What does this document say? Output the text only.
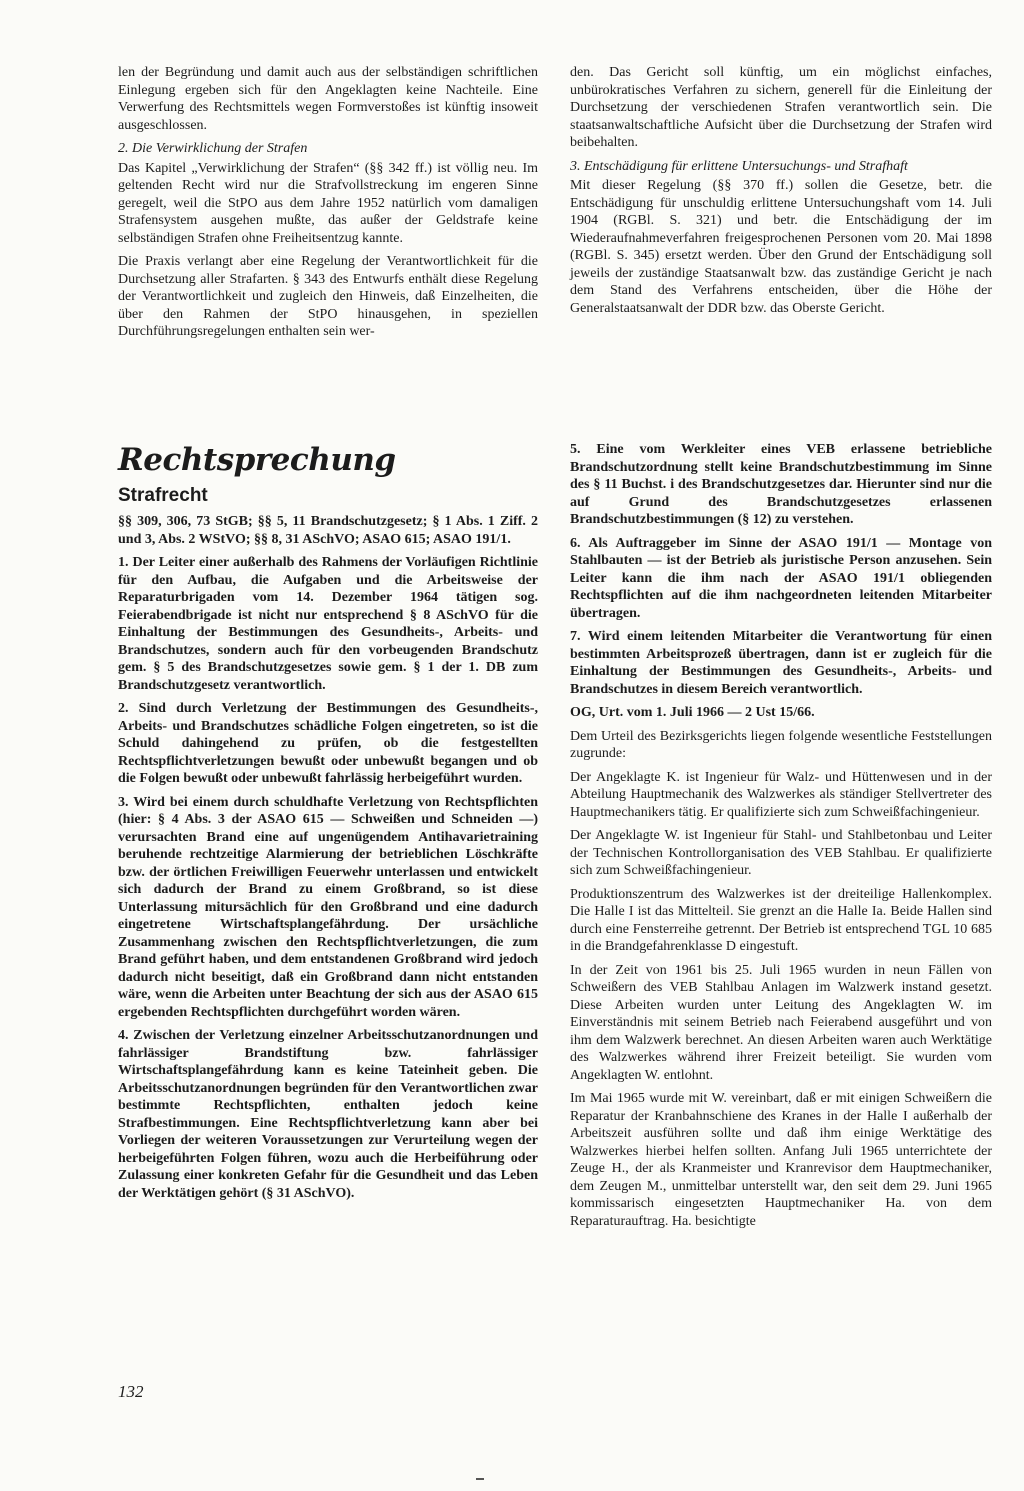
len der Begründung und damit auch aus der selbständigen schriftlichen Einlegung ergeben sich für den Angeklagten keine Nachteile. Eine Verwerfung des Rechtsmittels wegen Formverstoßes ist künftig insoweit ausgeschlossen.

2. Die Verwirklichung der Strafen

Das Kapitel „Verwirklichung der Strafen“ (§§ 342 ff.) ist völlig neu. Im geltenden Recht wird nur die Strafvollstreckung im engeren Sinne geregelt, weil die StPO aus dem Jahre 1952 natürlich vom damaligen Strafensystem ausgehen mußte, das außer der Geldstrafe keine selbständigen Strafen ohne Freiheitsentzug kannte.

Die Praxis verlangt aber eine Regelung der Verantwortlichkeit für die Durchsetzung aller Strafarten. § 343 des Entwurfs enthält diese Regelung der Verantwortlichkeit und zugleich den Hinweis, daß Einzelheiten, die über den Rahmen der StPO hinausgehen, in speziellen Durchführungsregelungen enthalten sein wer-

den. Das Gericht soll künftig, um ein möglichst einfaches, unbürokratisches Verfahren zu sichern, generell für die Einleitung der Durchsetzung der verschiedenen Strafen verantwortlich sein. Die staatsanwaltschaftliche Aufsicht über die Durchsetzung der Strafen wird beibehalten.

3. Entschädigung für erlittene Untersuchungs- und Strafhaft

Mit dieser Regelung (§§ 370 ff.) sollen die Gesetze, betr. die Entschädigung für unschuldig erlittene Untersuchungshaft vom 14. Juli 1904 (RGBl. S. 321) und betr. die Entschädigung der im Wiederaufnahmeverfahren freigesprochenen Personen vom 20. Mai 1898 (RGBl. S. 345) ersetzt werden. Über den Grund der Entschädigung soll jeweils der zuständige Staatsanwalt bzw. das zuständige Gericht je nach dem Stand des Verfahrens entscheiden, über die Höhe der Generalstaatsanwalt der DDR bzw. das Oberste Gericht.

Rechtsprechung
Strafrecht

§§ 309, 306, 73 StGB; §§ 5, 11 Brandschutzgesetz; § 1 Abs. 1 Ziff. 2 und 3, Abs. 2 WStVO; §§ 8, 31 ASchVO; ASAO 615; ASAO 191/1.

1. Der Leiter einer außerhalb des Rahmens der Vorläufigen Richtlinie für den Aufbau, die Aufgaben und die Arbeitsweise der Reparaturbrigaden vom 14. Dezember 1964 tätigen sog. Feierabendbrigade ist nicht nur entsprechend § 8 ASchVO für die Einhaltung der Bestimmungen des Gesundheits-, Arbeits- und Brandschutzes, sondern auch für den vorbeugenden Brandschutz gem. § 5 des Brandschutzgesetzes sowie gem. § 1 der 1. DB zum Brandschutzgesetz verantwortlich.

2. Sind durch Verletzung der Bestimmungen des Gesundheits-, Arbeits- und Brandschutzes schädliche Folgen eingetreten, so ist die Schuld dahingehend zu prüfen, ob die festgestellten Rechtspflichtverletzungen bewußt oder unbewußt begangen und ob die Folgen bewußt oder unbewußt fahrlässig herbeigeführt wurden.

3. Wird bei einem durch schuldhafte Verletzung von Rechtspflichten (hier: § 4 Abs. 3 der ASAO 615 — Schweißen und Schneiden —) verursachten Brand eine auf ungenügendem Antihavarietraining beruhende rechtzeitige Alarmierung der betrieblichen Löschkräfte bzw. der örtlichen Freiwilligen Feuerwehr unterlassen und entwickelt sich dadurch der Brand zu einem Großbrand, so ist diese Unterlassung mitursächlich für den Großbrand und eine dadurch eingetretene Wirtschaftsplangefährdung. Der ursächliche Zusammenhang zwischen den Rechtspflichtverletzungen, die zum Brand geführt haben, und dem entstandenen Großbrand wird jedoch dadurch nicht beseitigt, daß ein Großbrand dann nicht entstanden wäre, wenn die Arbeiten unter Beachtung der sich aus der ASAO 615 ergebenden Rechtspflichten durchgeführt worden wären.

4. Zwischen der Verletzung einzelner Arbeitsschutzanordnungen und fahrlässiger Brandstiftung bzw. fahrlässiger Wirtschaftsplangefährdung kann es keine Tateinheit geben. Die Arbeitsschutzanordnungen begründen für den Verantwortlichen zwar bestimmte Rechtspflichten, enthalten jedoch keine Strafbestimmungen. Eine Rechtspflichtverletzung kann aber bei Vorliegen der weiteren Voraussetzungen zur Verurteilung wegen der herbeigeführten Folgen führen, wozu auch die Herbeiführung oder Zulassung einer konkreten Gefahr für die Gesundheit und das Leben der Werktätigen gehört (§ 31 ASchVO).

5. Eine vom Werkleiter eines VEB erlassene betriebliche Brandschutzordnung stellt keine Brandschutzbestimmung im Sinne des § 11 Buchst. i des Brandschutzgesetzes dar. Hierunter sind nur die auf Grund des Brandschutzgesetzes erlassenen Brandschutzbestimmungen (§ 12) zu verstehen.

6. Als Auftraggeber im Sinne der ASAO 191/1 — Montage von Stahlbauten — ist der Betrieb als juristische Person anzusehen. Sein Leiter kann die ihm nach der ASAO 191/1 obliegenden Rechtspflichten auf die ihm nachgeordneten leitenden Mitarbeiter übertragen.

7. Wird einem leitenden Mitarbeiter die Verantwortung für einen bestimmten Arbeitsprozeß übertragen, dann ist er zugleich für die Einhaltung der Bestimmungen des Gesundheits-, Arbeits- und Brandschutzes in diesem Bereich verantwortlich.

OG, Urt. vom 1. Juli 1966 — 2 Ust 15/66.

Dem Urteil des Bezirksgerichts liegen folgende wesentliche Feststellungen zugrunde:

Der Angeklagte K. ist Ingenieur für Walz- und Hüttenwesen und in der Abteilung Hauptmechanik des Walzwerkes als ständiger Stellvertreter des Hauptmechanikers tätig. Er qualifizierte sich zum Schweißfachingenieur.

Der Angeklagte W. ist Ingenieur für Stahl- und Stahlbetonbau und Leiter der Technischen Kontrollorganisation des VEB Stahlbau. Er qualifizierte sich zum Schweißfachingenieur.

Produktionszentrum des Walzwerkes ist der dreiteilige Hallenkomplex. Die Halle I ist das Mittelteil. Sie grenzt an die Halle Ia. Beide Hallen sind durch eine Fensterreihe getrennt. Der Betrieb ist entsprechend TGL 10 685 in die Brandgefahrenklasse D eingestuft.

In der Zeit von 1961 bis 25. Juli 1965 wurden in neun Fällen von Schweißern des VEB Stahlbau Anlagen im Walzwerk instand gesetzt. Diese Arbeiten wurden unter Leitung des Angeklagten W. im Einverständnis mit seinem Betrieb nach Feierabend ausgeführt und von ihm dem Walzwerk berechnet. An diesen Arbeiten waren auch Werktätige des Walzwerkes während ihrer Freizeit beteiligt. Sie wurden vom Angeklagten W. entlohnt.

Im Mai 1965 wurde mit W. vereinbart, daß er mit einigen Schweißern die Reparatur der Kranbahnschiene des Kranes in der Halle I außerhalb der Arbeitszeit ausführen sollte und daß ihm einige Werktätige des Walzwerkes hierbei helfen sollten. Anfang Juli 1965 unterrichtete der Zeuge H., der als Kranmeister und Kranrevisor dem Hauptmechaniker, dem Zeugen M., unmittelbar unterstellt war, den seit dem 29. Juni 1965 kommissarisch eingesetzten Hauptmechaniker Ha. von dem Reparaturauftrag. Ha. besichtigte

132
